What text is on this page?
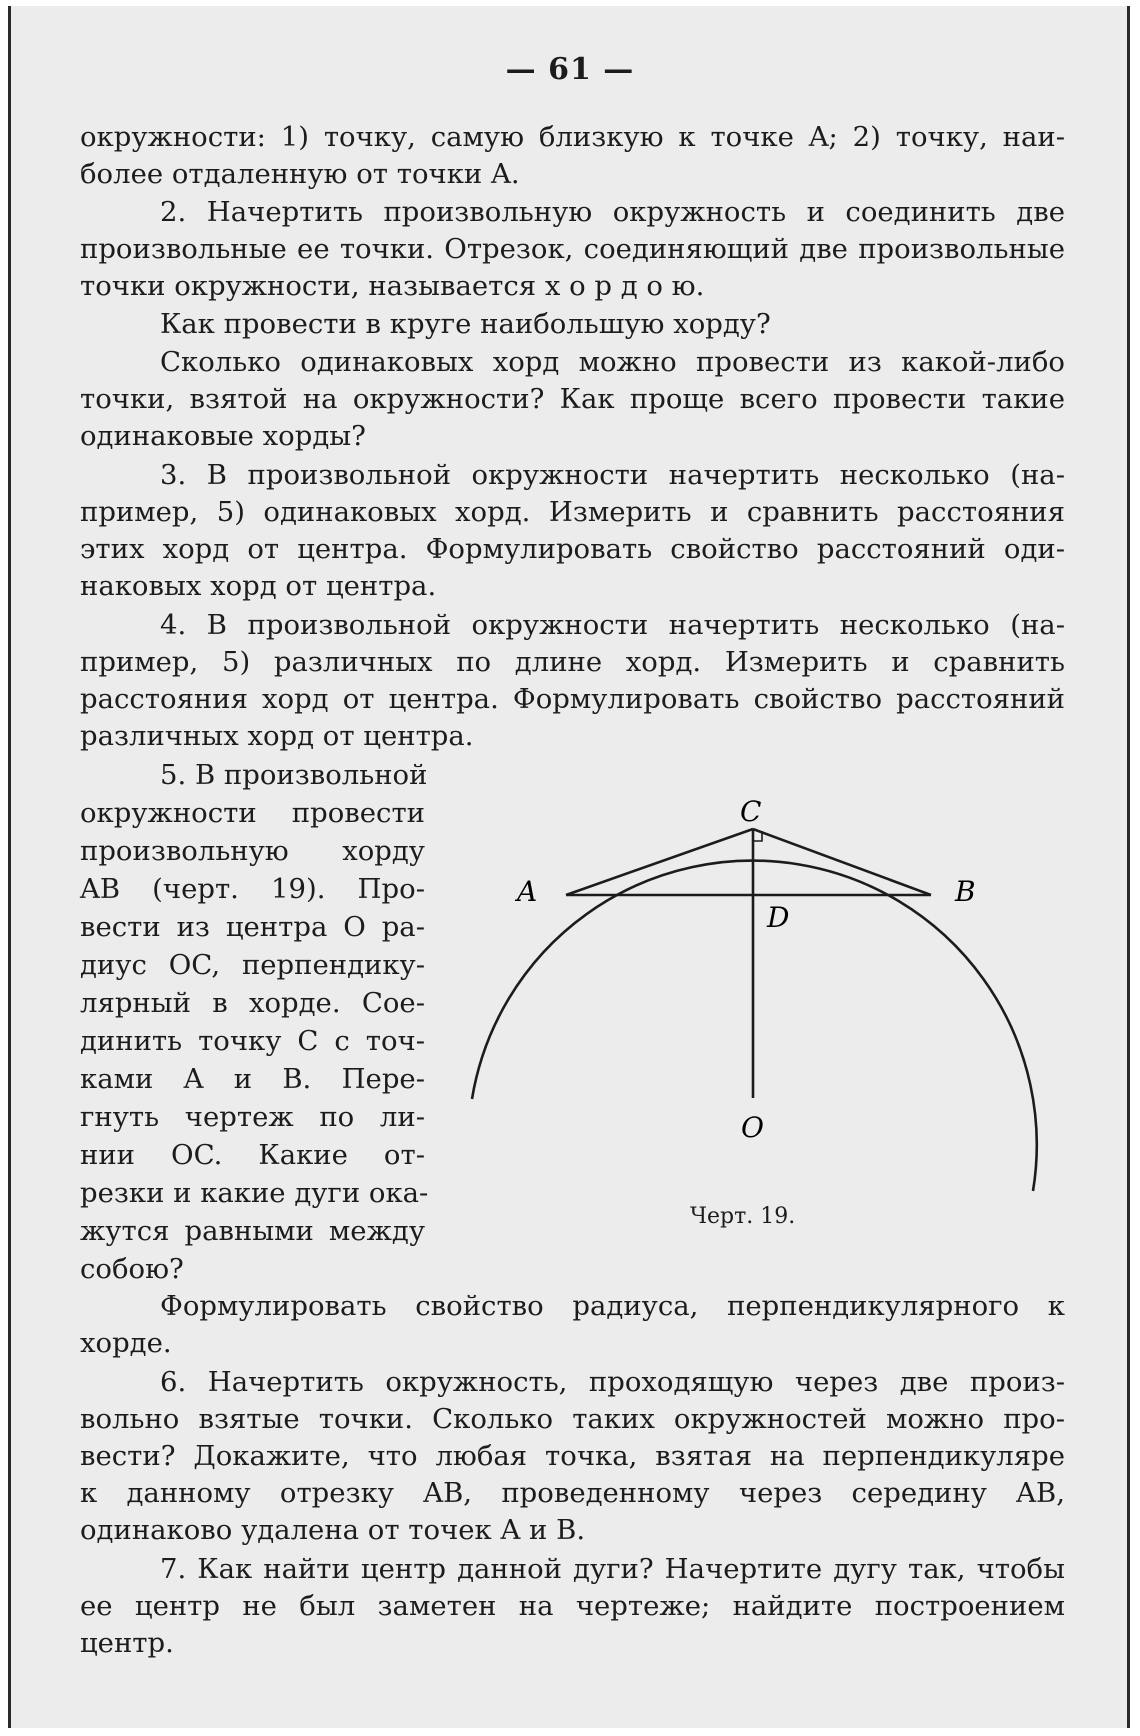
— 61 —
окружности: 1) точку, самую близкую к точке A; 2) точку, наи-
более отдаленную от точки A.
2. Начертить произвольную окружность и соединить две
произвольные ее точки. Отрезок, соединяющий две произвольные
точки окружности, называется х о р д о ю.
Как провести в круге наибольшую хорду?
Сколько одинаковых хорд можно провести из какой-либо
точки, взятой на окружности? Как проще всего провести такие
одинаковые хорды?
3. В произвольной окружности начертить несколько (на-
пример, 5) одинаковых хорд. Измерить и сравнить расстояния
этих хорд от центра. Формулировать свойство расстояний оди-
наковых хорд от центра.
4. В произвольной окружности начертить несколько (на-
пример, 5) различных по длине хорд. Измерить и сравнить
расстояния хорд от центра. Формулировать свойство расстояний
различных хорд от центра.
5. В произвольной
окружности провести
произвольную хорду
AB (черт. 19). Про-
вести из центра O ра-
диус OC, перпендику-
лярный в хорде. Сое-
динить точку C с точ-
ками A и B. Пере-
гнуть чертеж по ли-
нии OC. Какие от-
резки и какие дуги ока-
жутся равными между
собою?
C
A	B
D
O
Черт. 19.
Формулировать свойство радиуса, перпендикулярного к
хорде.
6. Начертить окружность, проходящую через две произ-
вольно взятые точки. Сколько таких окружностей можно про-
вести? Докажите, что любая точка, взятая на перпендикуляре
к данному отрезку AB, проведенному через середину AB,
одинаково удалена от точек A и B.
7. Как найти центр данной дуги? Начертите дугу так, чтобы
ее центр не был заметен на чертеже; найдите построением
центр.
